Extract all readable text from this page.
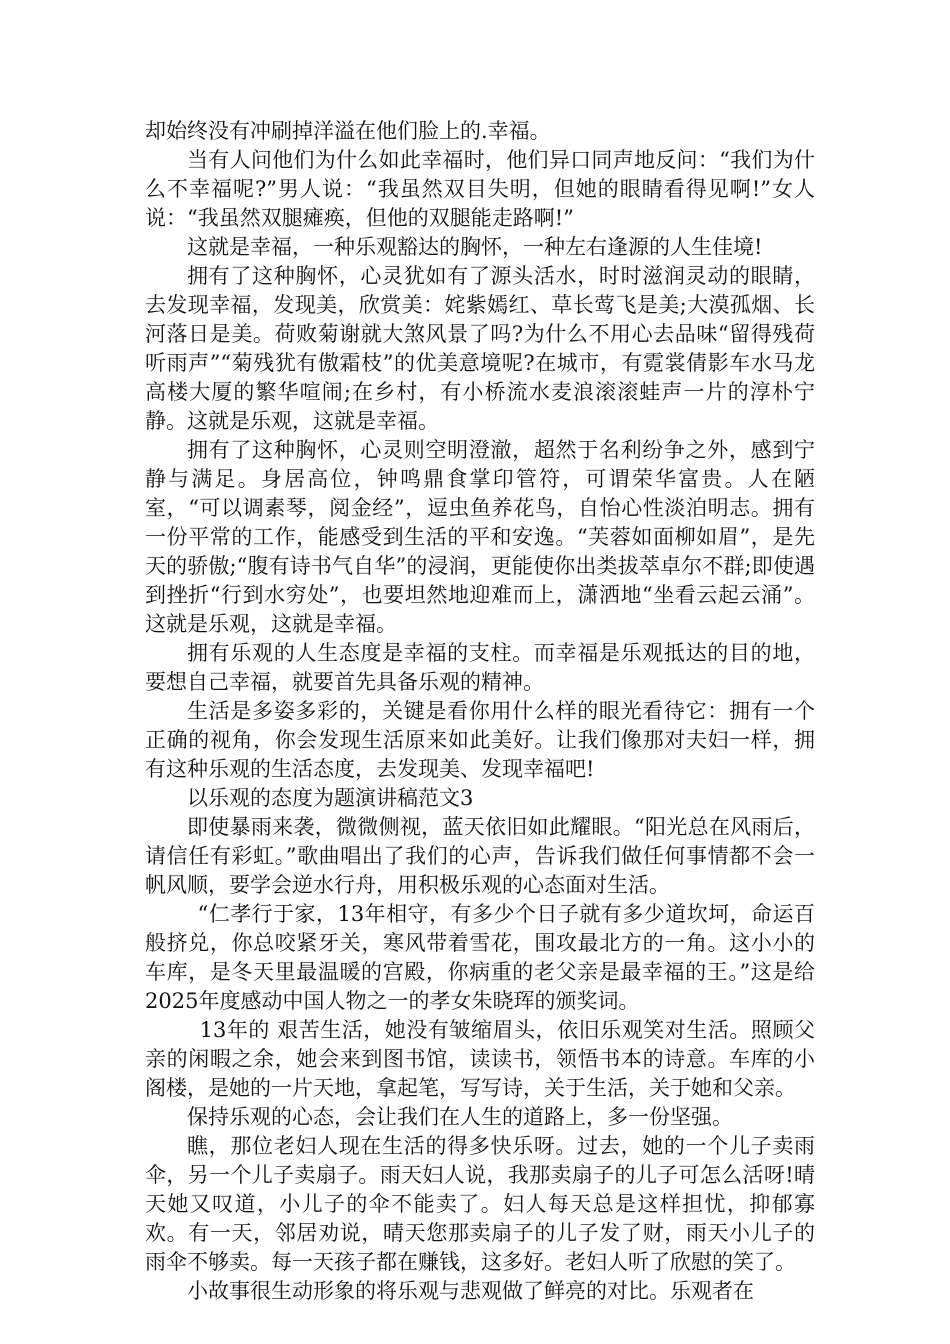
却始终没有冲刷掉洋溢在他们脸上的.幸福。

当有人问他们为什么如此幸福时，他们异口同声地反问：“我们为什么不幸福呢?”男人说：“我虽然双目失明，但她的眼睛看得见啊!”女人说：“我虽然双腿瘫痪，但他的双腿能走路啊!”

这就是幸福，一种乐观豁达的胸怀，一种左右逢源的人生佳境!

拥有了这种胸怀，心灵犹如有了源头活水，时时滋润灵动的眼睛，去发现幸福，发现美，欣赏美：姹紫嫣红、草长莺飞是美;大漠孤烟、长河落日是美。荷败菊谢就大煞风景了吗?为什么不用心去品味“留得残荷听雨声”“菊残犹有傲霜枝”的优美意境呢?在城市，有霓裳倩影车水马龙高楼大厦的繁华喧闹;在乡村，有小桥流水麦浪滚滚蛙声一片的淳朴宁静。这就是乐观，这就是幸福。

拥有了这种胸怀，心灵则空明澄澈，超然于名利纷争之外，感到宁静与满足。身居高位，钟鸣鼎食掌印管符，可谓荣华富贵。人在陋室，“可以调素琴，阅金经”，逗虫鱼养花鸟，自怡心性淡泊明志。拥有一份平常的工作，能感受到生活的平和安逸。“芙蓉如面柳如眉”，是先天的骄傲;“腹有诗书气自华”的浸润，更能使你出类拔萃卓尔不群;即使遇到挫折“行到水穷处”，也要坦然地迎难而上，潇洒地“坐看云起云涌”。这就是乐观，这就是幸福。

拥有乐观的人生态度是幸福的支柱。而幸福是乐观抵达的目的地，要想自己幸福，就要首先具备乐观的精神。

生活是多姿多彩的，关键是看你用什么样的眼光看待它：拥有一个正确的视角，你会发现生活原来如此美好。让我们像那对夫妇一样，拥有这种乐观的生活态度，去发现美、发现幸福吧!

以乐观的态度为题演讲稿范文3

即使暴雨来袭，微微侧视，蓝天依旧如此耀眼。“阳光总在风雨后，请信任有彩虹。”歌曲唱出了我们的心声，告诉我们做任何事情都不会一帆风顺，要学会逆水行舟，用积极乐观的心态面对生活。

“仁孝行于家，13年相守，有多少个日子就有多少道坎坷，命运百般挤兑，你总咬紧牙关，寒风带着雪花，围攻最北方的一角。这小小的车库，是冬天里最温暖的宫殿，你病重的老父亲是最幸福的王。”这是给2025年度感动中国人物之一的孝女朱晓珲的颁奖词。

13年的 艰苦生活，她没有皱缩眉头，依旧乐观笑对生活。照顾父亲的闲暇之余，她会来到图书馆，读读书，领悟书本的诗意。车库的小阁楼，是她的一片天地，拿起笔，写写诗，关于生活，关于她和父亲。

保持乐观的心态，会让我们在人生的道路上，多一份坚强。

瞧，那位老妇人现在生活的得多快乐呀。过去，她的一个儿子卖雨伞，另一个儿子卖扇子。雨天妇人说，我那卖扇子的儿子可怎么活呀!晴天她又叹道，小儿子的伞不能卖了。妇人每天总是这样担忧，抑郁寡欢。有一天，邻居劝说，晴天您那卖扇子的儿子发了财，雨天小儿子的雨伞不够卖。每一天孩子都在赚钱，这多好。老妇人听了欣慰的笑了。

小故事很生动形象的将乐观与悲观做了鲜亮的对比。乐观者在
